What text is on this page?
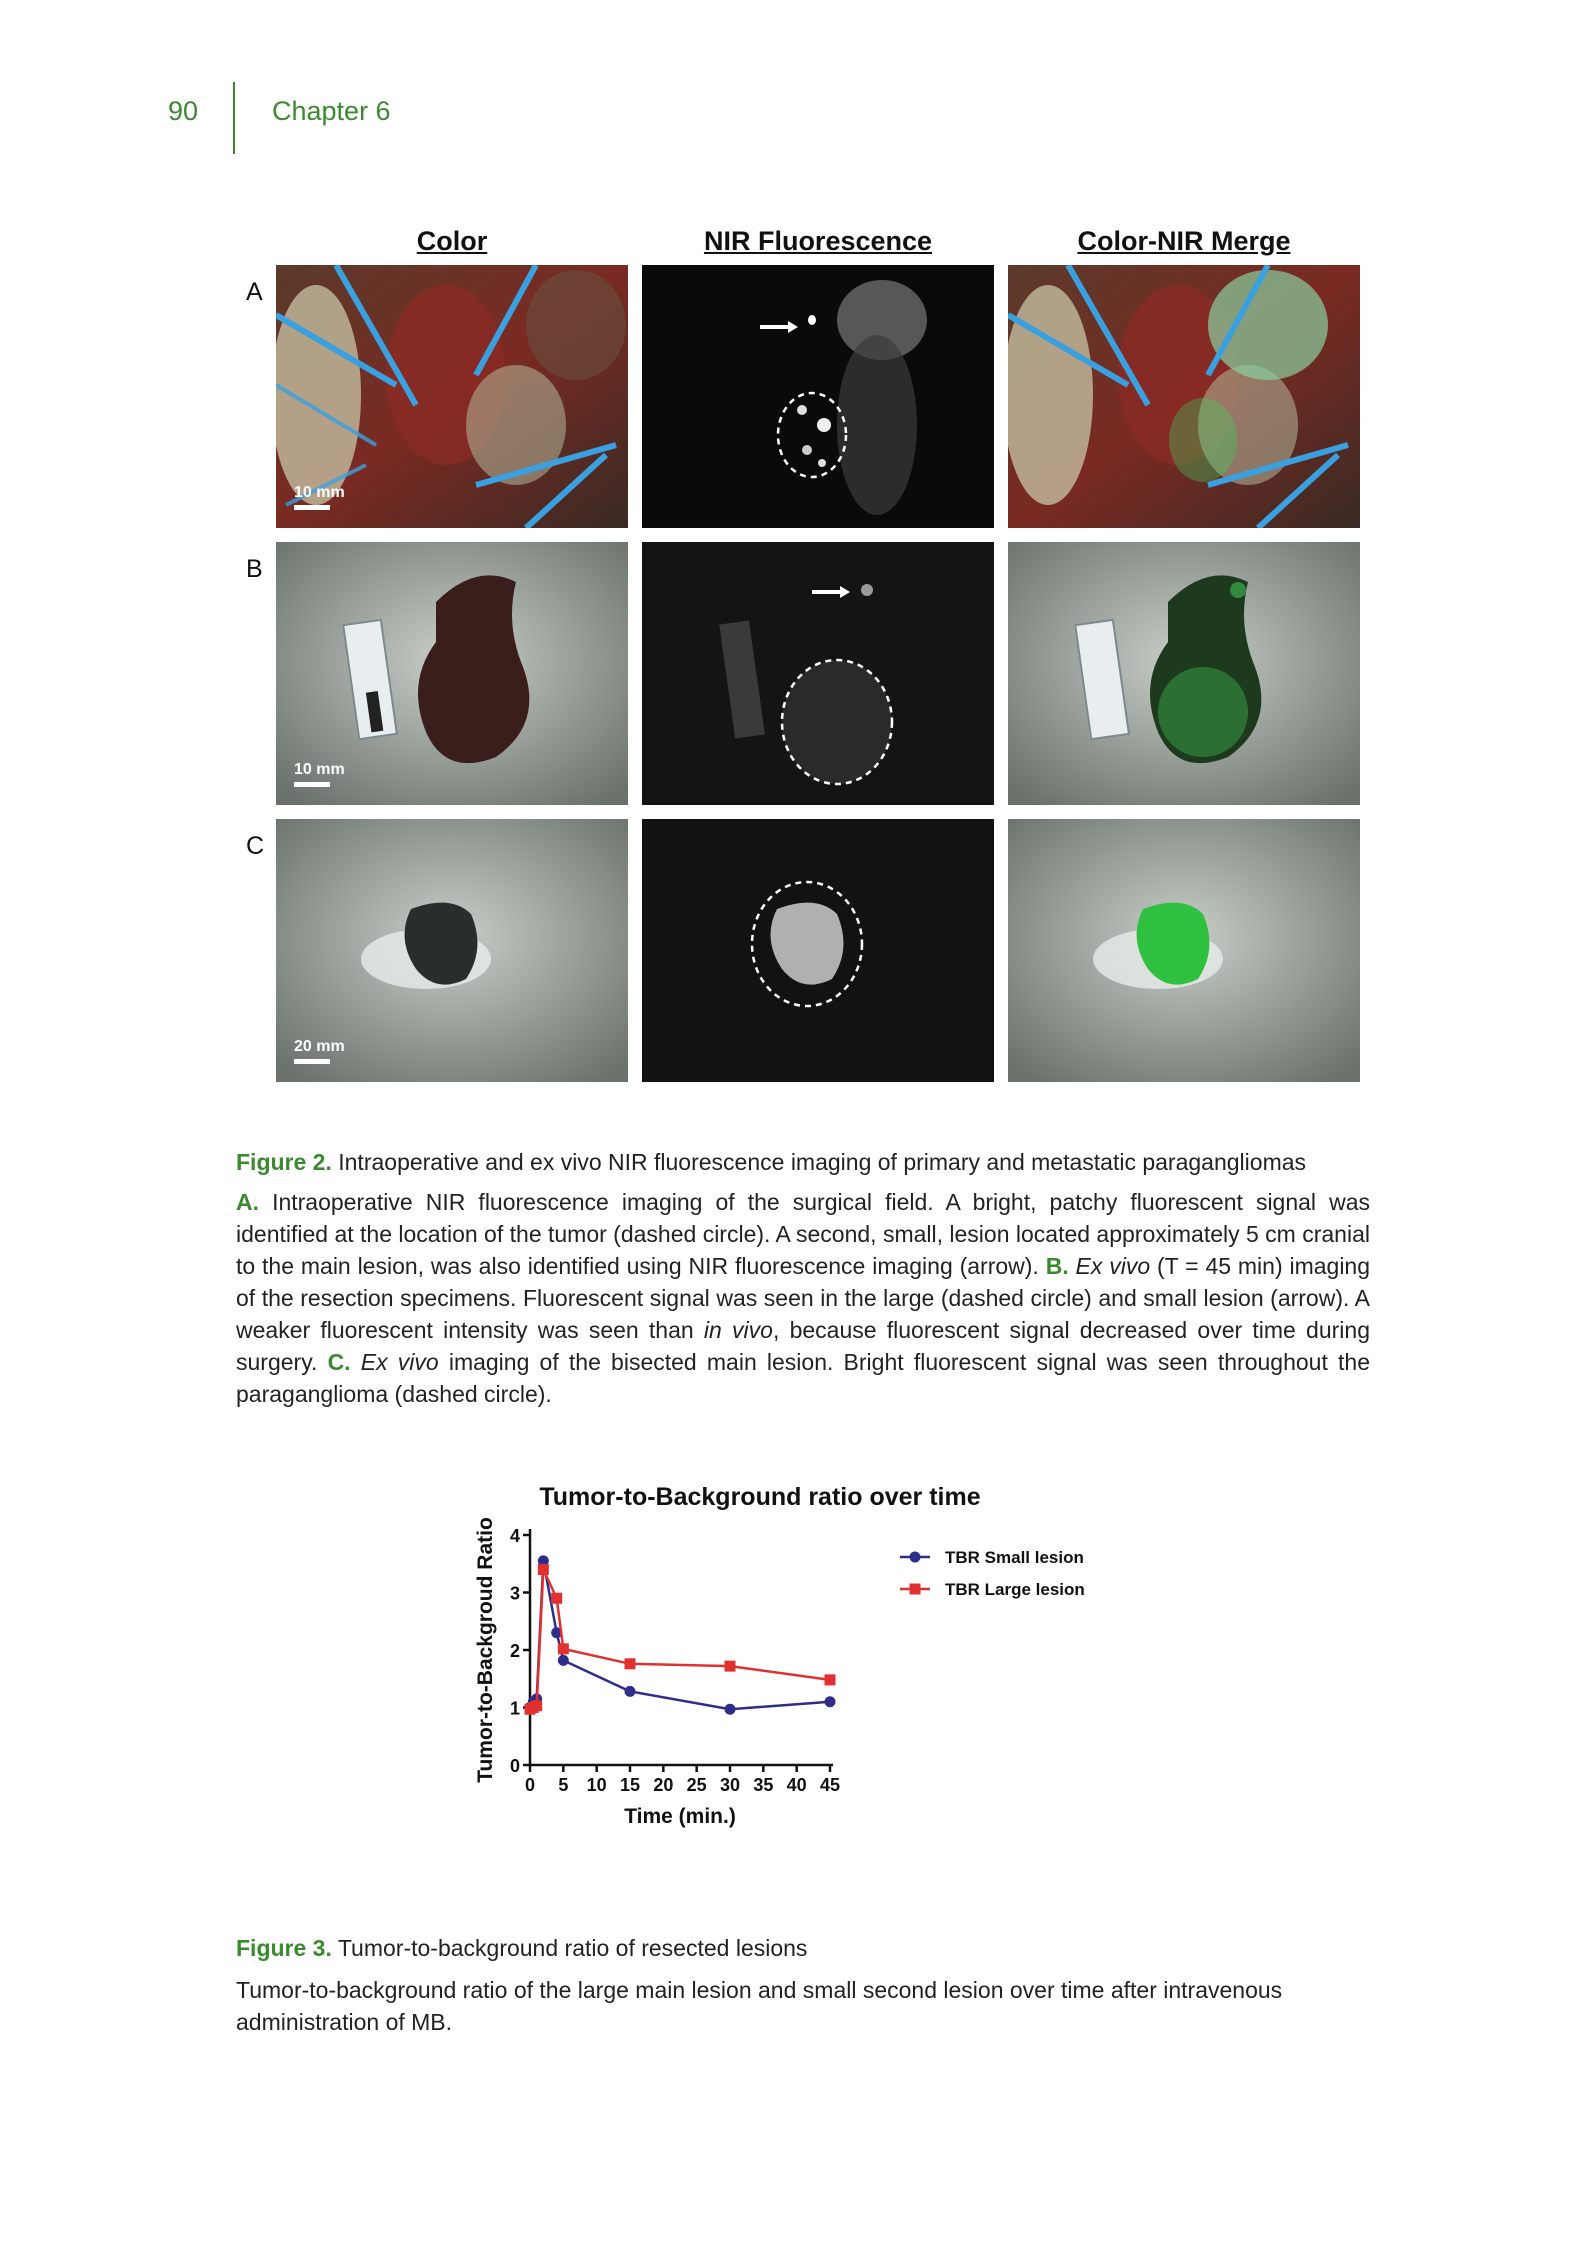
90	Chapter 6
Color	NIR Fluorescence	Color-NIR Merge
A
B
C
10 mm
10 mm
20 mm
Figure 2. Intraoperative and ex vivo NIR fluorescence imaging of primary and metastatic paragangliomas
A. Intraoperative NIR fluorescence imaging of the surgical field. A bright, patchy fluorescent signal was identified at the location of the tumor (dashed circle). A second, small, lesion located approximately 5 cm cranial to the main lesion, was also identified using NIR fluorescence imaging (arrow). B. Ex vivo (T = 45 min) imaging of the resection specimens. Fluorescent signal was seen in the large (dashed circle) and small lesion (arrow). A weaker fluorescent intensity was seen than in vivo, because fluorescent signal decreased over time during surgery. C. Ex vivo imaging of the bisected main lesion. Bright fluorescent signal was seen throughout the paraganglioma (dashed circle).
Tumor-to-Background ratio over time
Tumor-to-Backgroud Ratio
Time (min.)
0
1
2
3
4
0 5 10 15 20 25 30 35 40 45
TBR Small lesion
TBR Large lesion
Figure 3. Tumor-to-background ratio of resected lesions
Tumor-to-background ratio of the large main lesion and small second lesion over time after intravenous administration of MB.
